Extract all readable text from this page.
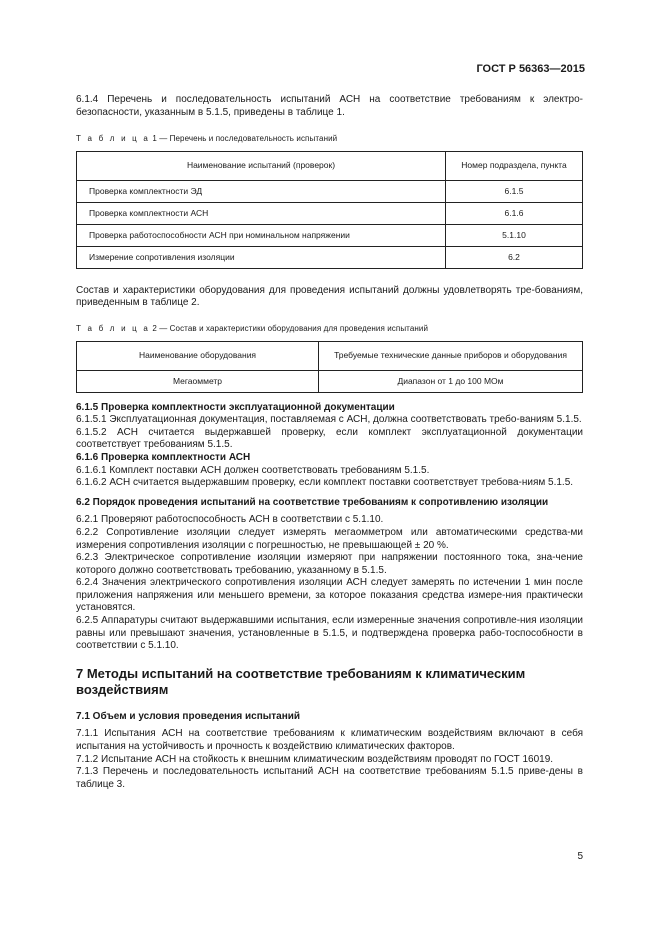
ГОСТ Р 56363—2015

6.1.4 Перечень и последовательность испытаний АСН на соответствие требованиям к электро-безопасности, указанным в 5.1.5, приведены в таблице 1.

Т а б л и ц а 1 — Перечень и последовательность испытаний
Наименование испытаний (проверок)	Номер подраздела, пункта
Проверка комплектности ЭД	6.1.5
Проверка комплектности АСН	6.1.6
Проверка работоспособности АСН при номинальном напряжении	5.1.10
Измерение сопротивления изоляции	6.2

Состав и характеристики оборудования для проведения испытаний должны удовлетворять тре-бованиям, приведенным в таблице 2.

Т а б л и ц а 2 — Состав и характеристики оборудования для проведения испытаний
Наименование оборудования	Требуемые технические данные приборов и оборудования
Мегаомметр	Диапазон от 1 до 100 МОм

6.1.5 Проверка комплектности эксплуатационной документации

6.1.5.1 Эксплуатационная документация, поставляемая с АСН, должна соответствовать требо-ваниям 5.1.5.

6.1.5.2 АСН считается выдержавшей проверку, если комплект эксплуатационной документации соответствует требованиям 5.1.5.

6.1.6 Проверка комплектности АСН

6.1.6.1 Комплект поставки АСН должен соответствовать требованиям 5.1.5.

6.1.6.2 АСН считается выдержавшим проверку, если комплект поставки соответствует требова-ниям 5.1.5.

6.2 Порядок проведения испытаний на соответствие требованиям к сопротивлению изоляции

6.2.1 Проверяют работоспособность АСН в соответствии с 5.1.10.

6.2.2 Сопротивление изоляции следует измерять мегаомметром или автоматическими средства-ми измерения сопротивления изоляции с погрешностью, не превышающей ± 20 %.

6.2.3 Электрическое сопротивление изоляции измеряют при напряжении постоянного тока, зна-чение которого должно соответствовать требованию, указанному в 5.1.5.

6.2.4 Значения электрического сопротивления изоляции АСН следует замерять по истечении 1 мин после приложения напряжения или меньшего времени, за которое показания средства измере-ния практически установятся.

6.2.5 Аппаратуры считают выдержавшими испытания, если измеренные значения сопротивле-ния изоляции равны или превышают значения, установленные в 5.1.5, и подтверждена проверка рабо-тоспособности в соответствии с 5.1.10.

7 Методы испытаний на соответствие требованиям к климатическим воздействиям

7.1 Объем и условия проведения испытаний

7.1.1 Испытания АСН на соответствие требованиям к климатическим воздействиям включают в себя испытания на устойчивость и прочность к воздействию климатических факторов.

7.1.2 Испытание АСН на стойкость к внешним климатическим воздействиям проводят по ГОСТ 16019.

7.1.3 Перечень и последовательность испытаний АСН на соответствие требованиям 5.1.5 приве-дены в таблице 3.

5
